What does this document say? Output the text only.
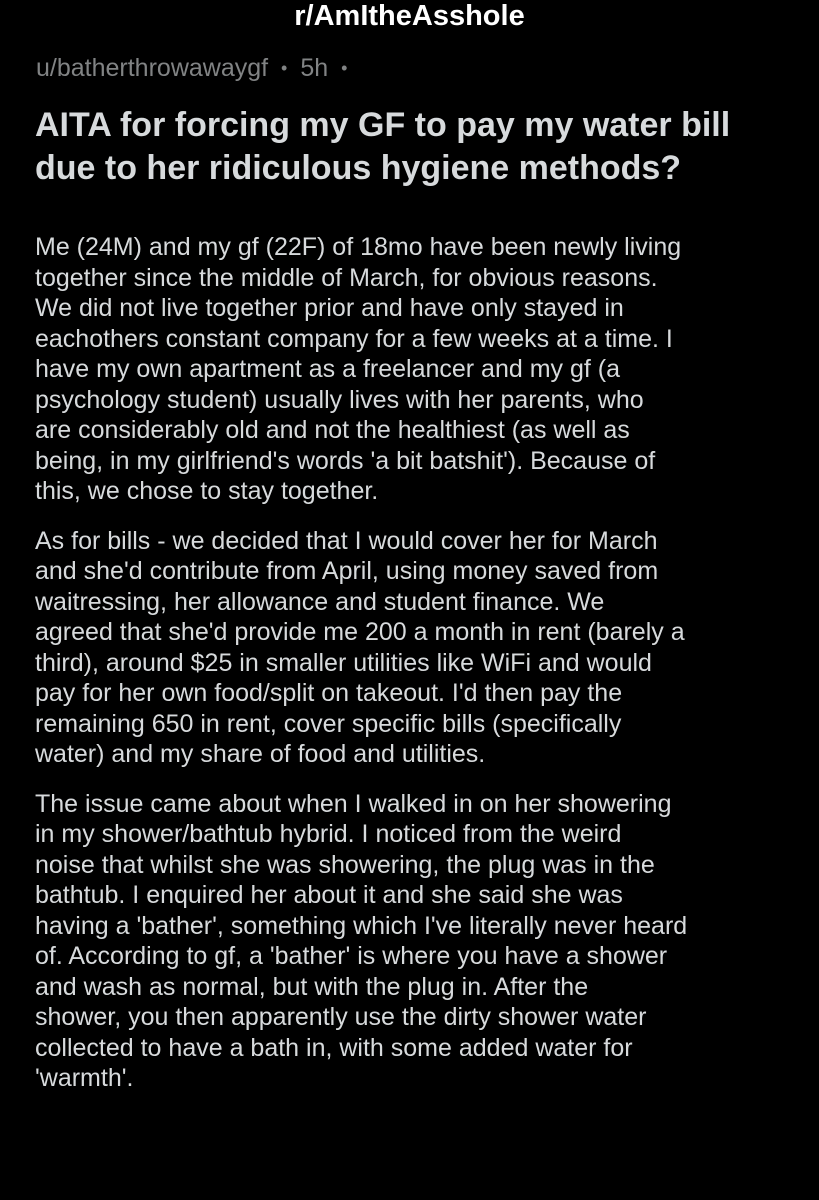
r/AmItheAsshole
u/batherthrowawaygf • 5h •
AITA for forcing my GF to pay my water bill
due to her ridiculous hygiene methods?

Me (24M) and my gf (22F) of 18mo have been newly living
together since the middle of March, for obvious reasons.
We did not live together prior and have only stayed in
eachothers constant company for a few weeks at a time. I
have my own apartment as a freelancer and my gf (a
psychology student) usually lives with her parents, who
are considerably old and not the healthiest (as well as
being, in my girlfriend's words 'a bit batshit'). Because of
this, we chose to stay together.

As for bills - we decided that I would cover her for March
and she'd contribute from April, using money saved from
waitressing, her allowance and student finance. We
agreed that she'd provide me 200 a month in rent (barely a
third), around $25 in smaller utilities like WiFi and would
pay for her own food/split on takeout. I'd then pay the
remaining 650 in rent, cover specific bills (specifically
water) and my share of food and utilities.

The issue came about when I walked in on her showering
in my shower/bathtub hybrid. I noticed from the weird
noise that whilst she was showering, the plug was in the
bathtub. I enquired her about it and she said she was
having a 'bather', something which I've literally never heard
of. According to gf, a 'bather' is where you have a shower
and wash as normal, but with the plug in. After the
shower, you then apparently use the dirty shower water
collected to have a bath in, with some added water for
'warmth'.
